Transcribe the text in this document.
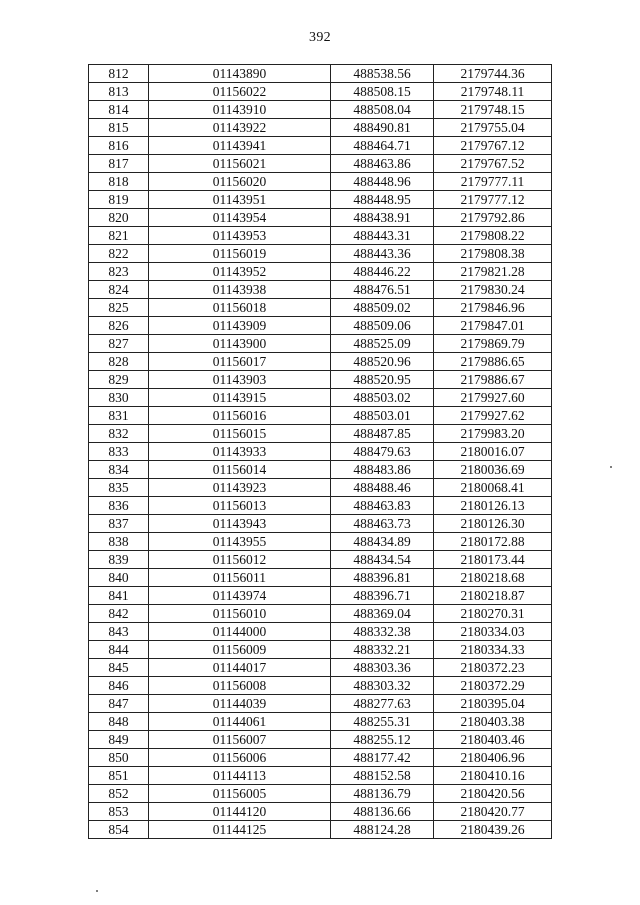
392
812	01143890	488538.56	2179744.36
813	01156022	488508.15	2179748.11
814	01143910	488508.04	2179748.15
815	01143922	488490.81	2179755.04
816	01143941	488464.71	2179767.12
817	01156021	488463.86	2179767.52
818	01156020	488448.96	2179777.11
819	01143951	488448.95	2179777.12
820	01143954	488438.91	2179792.86
821	01143953	488443.31	2179808.22
822	01156019	488443.36	2179808.38
823	01143952	488446.22	2179821.28
824	01143938	488476.51	2179830.24
825	01156018	488509.02	2179846.96
826	01143909	488509.06	2179847.01
827	01143900	488525.09	2179869.79
828	01156017	488520.96	2179886.65
829	01143903	488520.95	2179886.67
830	01143915	488503.02	2179927.60
831	01156016	488503.01	2179927.62
832	01156015	488487.85	2179983.20
833	01143933	488479.63	2180016.07
834	01156014	488483.86	2180036.69
835	01143923	488488.46	2180068.41
836	01156013	488463.83	2180126.13
837	01143943	488463.73	2180126.30
838	01143955	488434.89	2180172.88
839	01156012	488434.54	2180173.44
840	01156011	488396.81	2180218.68
841	01143974	488396.71	2180218.87
842	01156010	488369.04	2180270.31
843	01144000	488332.38	2180334.03
844	01156009	488332.21	2180334.33
845	01144017	488303.36	2180372.23
846	01156008	488303.32	2180372.29
847	01144039	488277.63	2180395.04
848	01144061	488255.31	2180403.38
849	01156007	488255.12	2180403.46
850	01156006	488177.42	2180406.96
851	01144113	488152.58	2180410.16
852	01156005	488136.79	2180420.56
853	01144120	488136.66	2180420.77
854	01144125	488124.28	2180439.26
